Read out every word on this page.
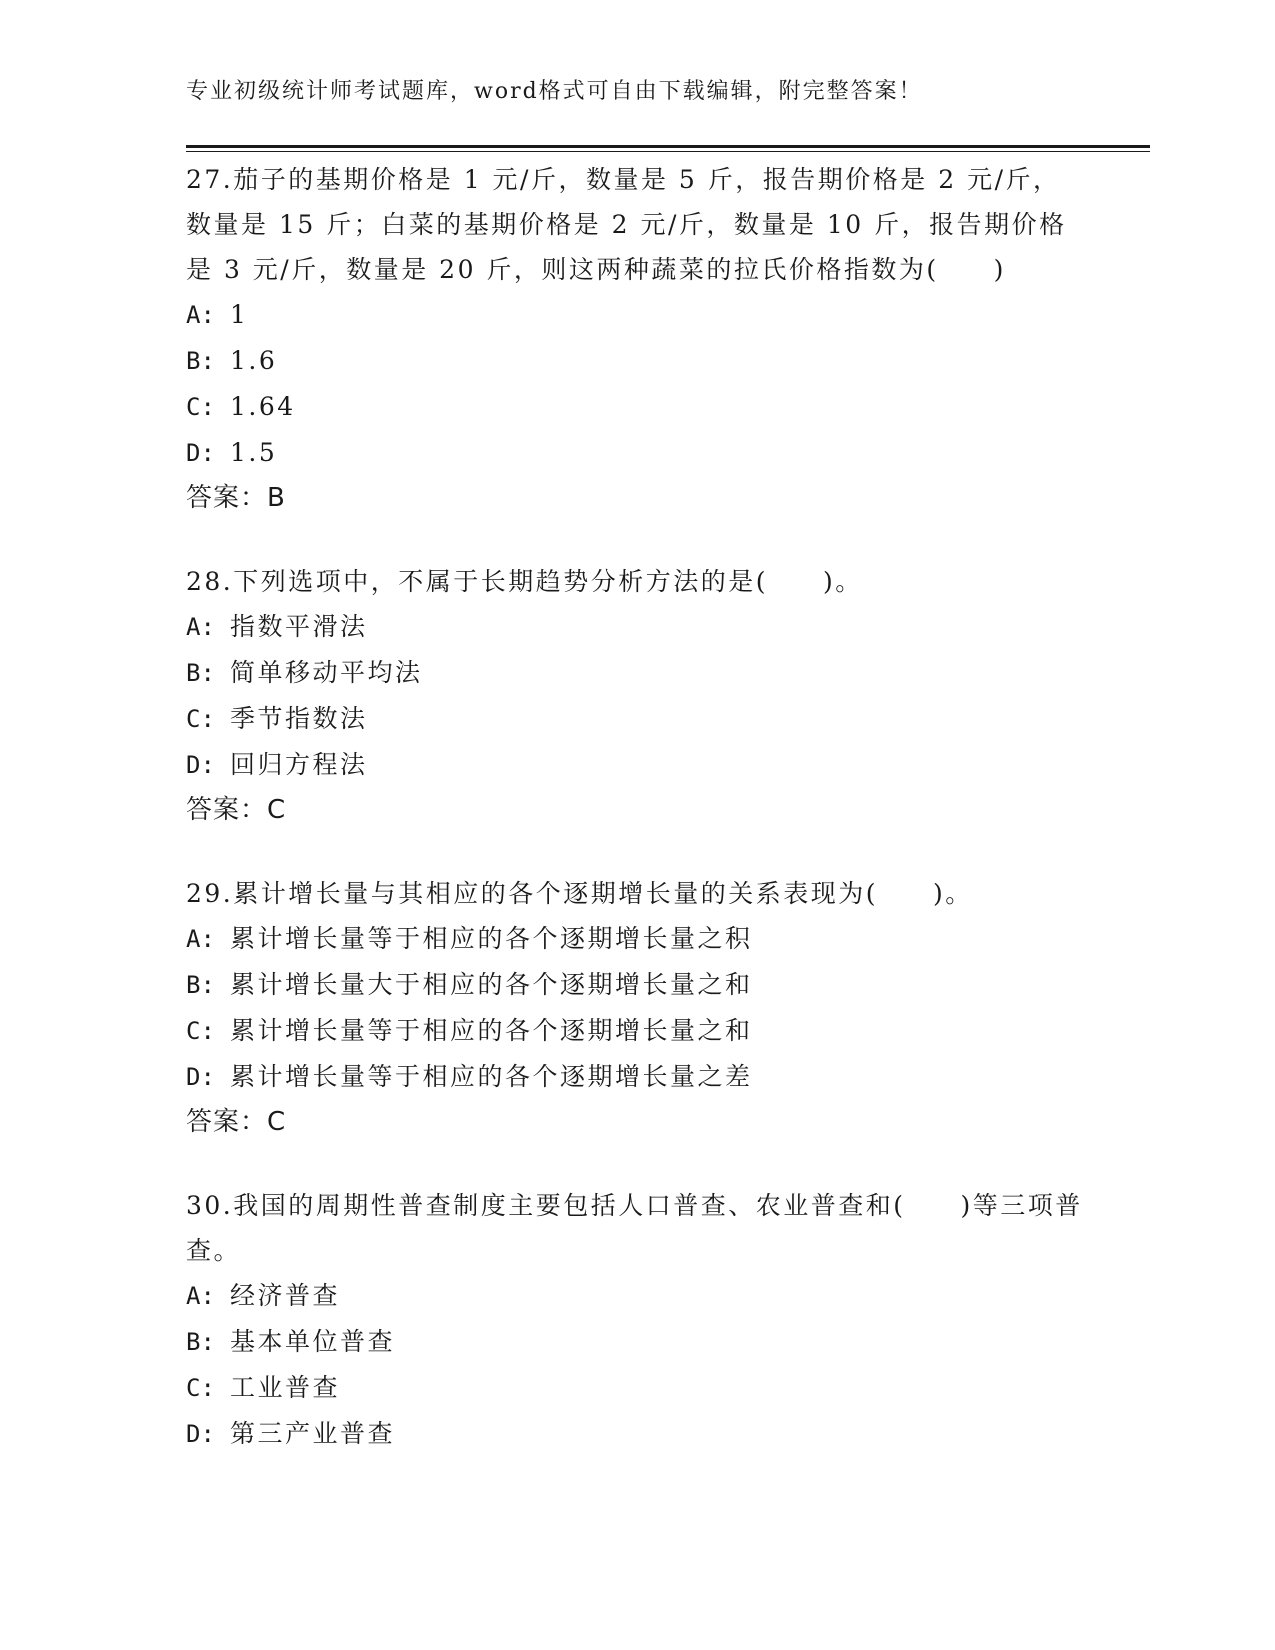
专业初级统计师考试题库，word格式可自由下载编辑，附完整答案！

27.茄子的基期价格是 1 元/斤，数量是 5 斤，报告期价格是 2 元/斤，数量是 15 斤；白菜的基期价格是 2 元/斤，数量是 10 斤，报告期价格是 3 元/斤，数量是 20 斤，则这两种蔬菜的拉氏价格指数为(　　)

A: 1

B: 1.6

C: 1.64

D: 1.5

答案：B

28.下列选项中，不属于长期趋势分析方法的是(　　)。

A: 指数平滑法

B: 简单移动平均法

C: 季节指数法

D: 回归方程法

答案：C

29.累计增长量与其相应的各个逐期增长量的关系表现为(　　)。

A: 累计增长量等于相应的各个逐期增长量之积

B: 累计增长量大于相应的各个逐期增长量之和

C: 累计增长量等于相应的各个逐期增长量之和

D: 累计增长量等于相应的各个逐期增长量之差

答案：C

30.我国的周期性普查制度主要包括人口普查、农业普查和(　　)等三项普查。

A: 经济普查

B: 基本单位普查

C: 工业普查

D: 第三产业普查
